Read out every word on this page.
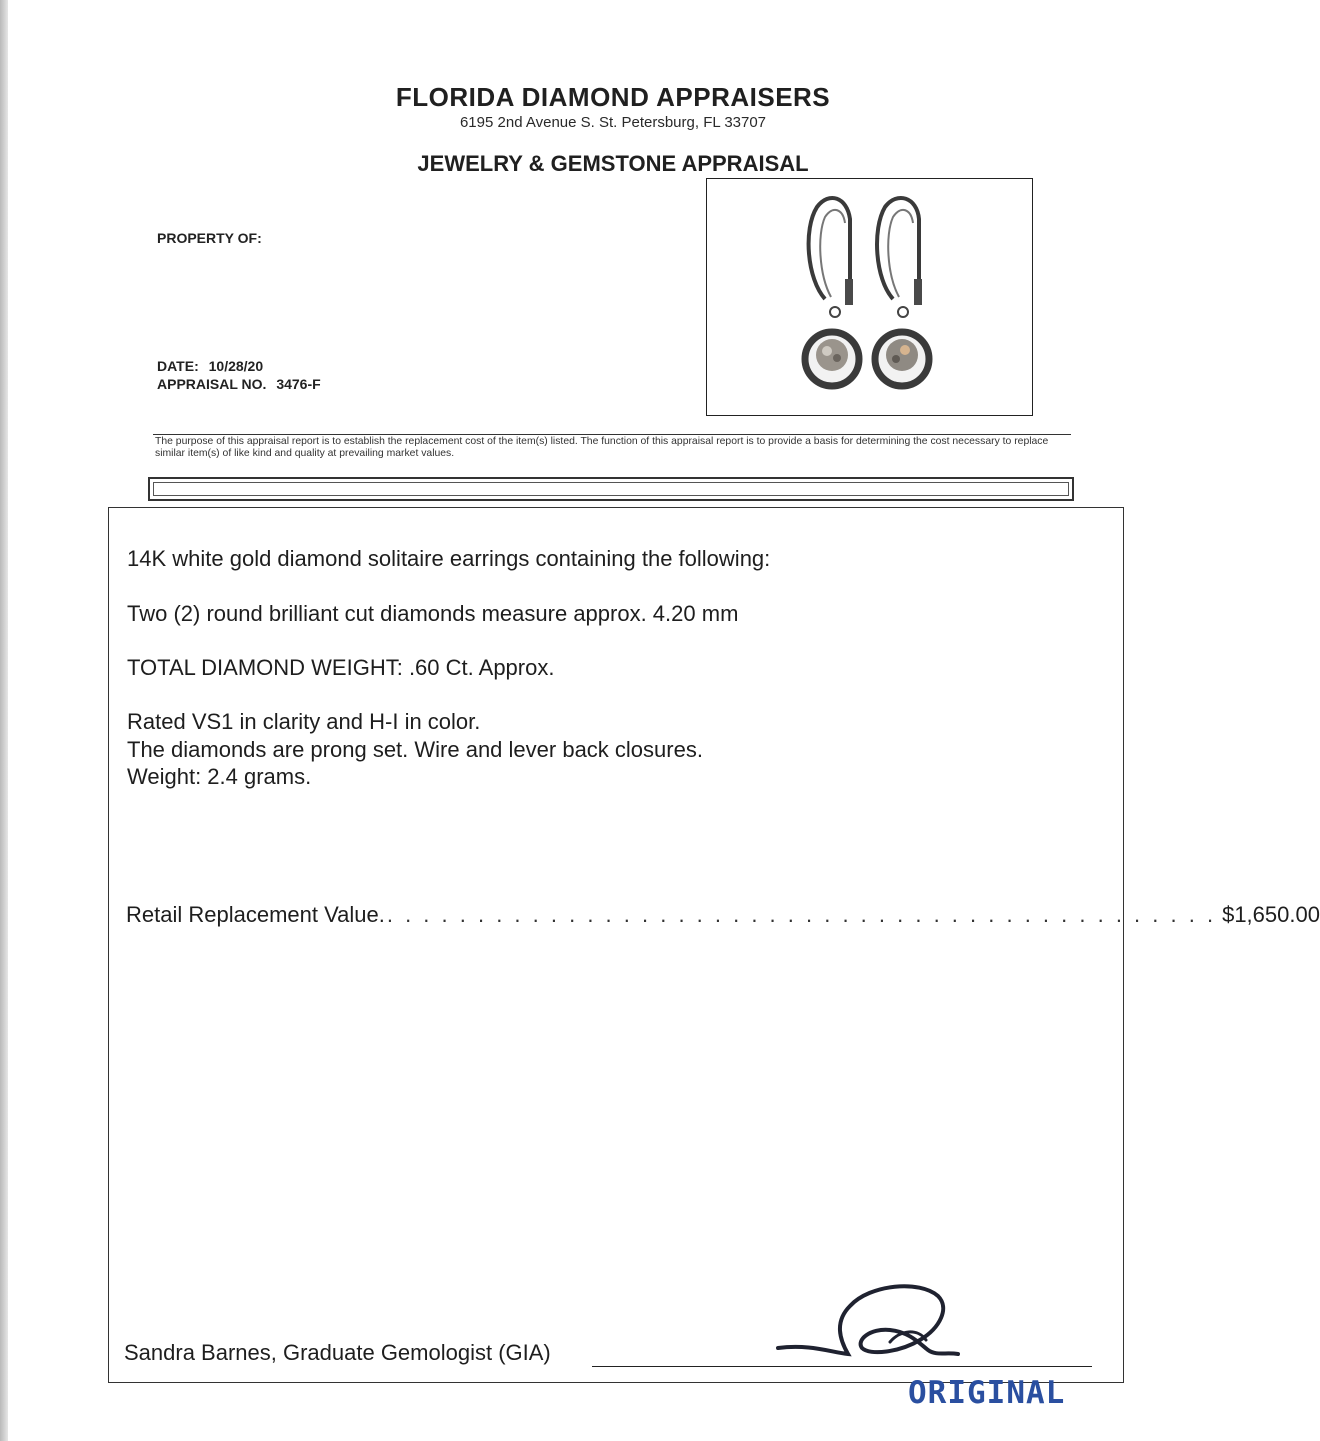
FLORIDA DIAMOND APPRAISERS
6195 2nd Avenue S. St. Petersburg, FL 33707
JEWELRY & GEMSTONE APPRAISAL
PROPERTY OF:
DATE: 10/28/20
APPRAISAL NO. 3476-F
The purpose of this appraisal report is to establish the replacement cost of the item(s) listed. The function of this appraisal report is to provide a basis for determining the cost necessary to replace similar item(s) of like kind and quality at prevailing market values.
14K white gold diamond solitaire earrings containing the following:
Two (2) round brilliant cut diamonds measure approx. 4.20 mm
TOTAL DIAMOND WEIGHT: .60 Ct. Approx.
Rated VS1 in clarity and H-I in color.
The diamonds are prong set. Wire and lever back closures.
Weight: 2.4 grams.
Retail Replacement Value. . . . . . . . . . . . . . . . . . . . . . . . . . . . . . . . . . . . . . . . . . . . . . . $1,650.00
Sandra Barnes, Graduate Gemologist (GIA)
ORIGINAL
